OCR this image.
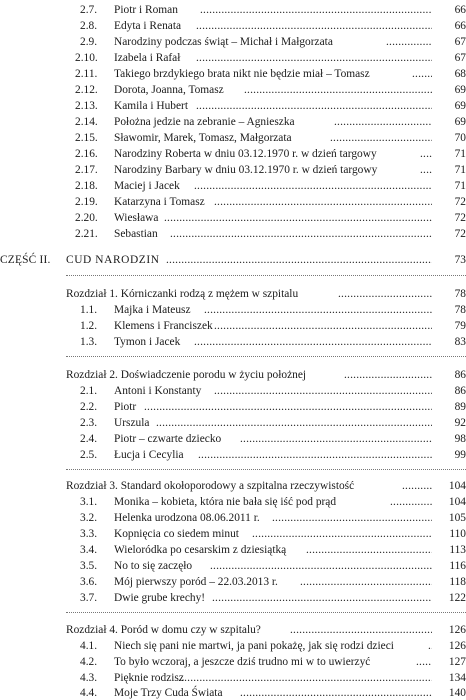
2.7. Piotr i Roman .....	66
2.8. Edyta i Renata .....	66
2.9. Narodziny podczas świąt – Michał i Małgorzata .....	67
2.10. Izabela i Rafał .....	67
2.11. Takiego brzdykiego brata nikt nie będzie miał – Tomasz .....	68
2.12. Dorota, Joanna, Tomasz .....	69
2.13. Kamila i Hubert .....	69
2.14. Położna jedzie na zebranie – Agnieszka .....	69
2.15. Sławomir, Marek, Tomasz, Małgorzata .....	70
2.16. Narodziny Roberta w dniu 03.12.1970 r. w dzień targowy .....	71
2.17. Narodziny Barbary w dniu 03.12.1970 r. w dzień targowy .....	71
2.18. Maciej i Jacek .....	71
2.19. Katarzyna i Tomasz .....	72
2.20. Wiesława .....	72
2.21. Sebastian .....	72
CZĘŚĆ II. CUD NARODZIN .....	73
Rozdział 1. Kórniczanki rodzą z mężem w szpitalu .....	78
1.1. Majka i Mateusz .....	78
1.2. Klemens i Franciszek .....	79
1.3. Tymon i Jacek .....	83
Rozdział 2. Doświadczenie porodu w życiu położnej .....	86
2.1. Antoni i Konstanty .....	86
2.2. Piotr .....	89
2.3. Urszula .....	92
2.4. Piotr – czwarte dziecko .....	98
2.5. Łucja i Cecylia .....	99
Rozdział 3. Standard okołoporodowy a szpitalna rzeczywistość .....	104
3.1. Monika – kobieta, która nie bała się iść pod prąd .....	104
3.2. Helenka urodzona 08.06.2011 r. .....	105
3.3. Kopnięcia co siedem minut .....	110
3.4. Wieloródka po cesarskim z dziesiątką .....	113
3.5. No to się zaczęło .....	116
3.6. Mój pierwszy poród – 22.03.2013 r. .....	118
3.7. Dwie grube krechy! .....	122
Rozdział 4. Poród w domu czy w szpitalu? .....	126
4.1. Niech się pani nie martwi, ja pani pokażę, jak się rodzi dzieci .....	126
4.2. To było wczoraj, a jeszcze dziś trudno mi w to uwierzyć .....	127
4.3. Piękniе rodzisz .....	134
4.4. Moje Trzy Cuda Świata .....	140
